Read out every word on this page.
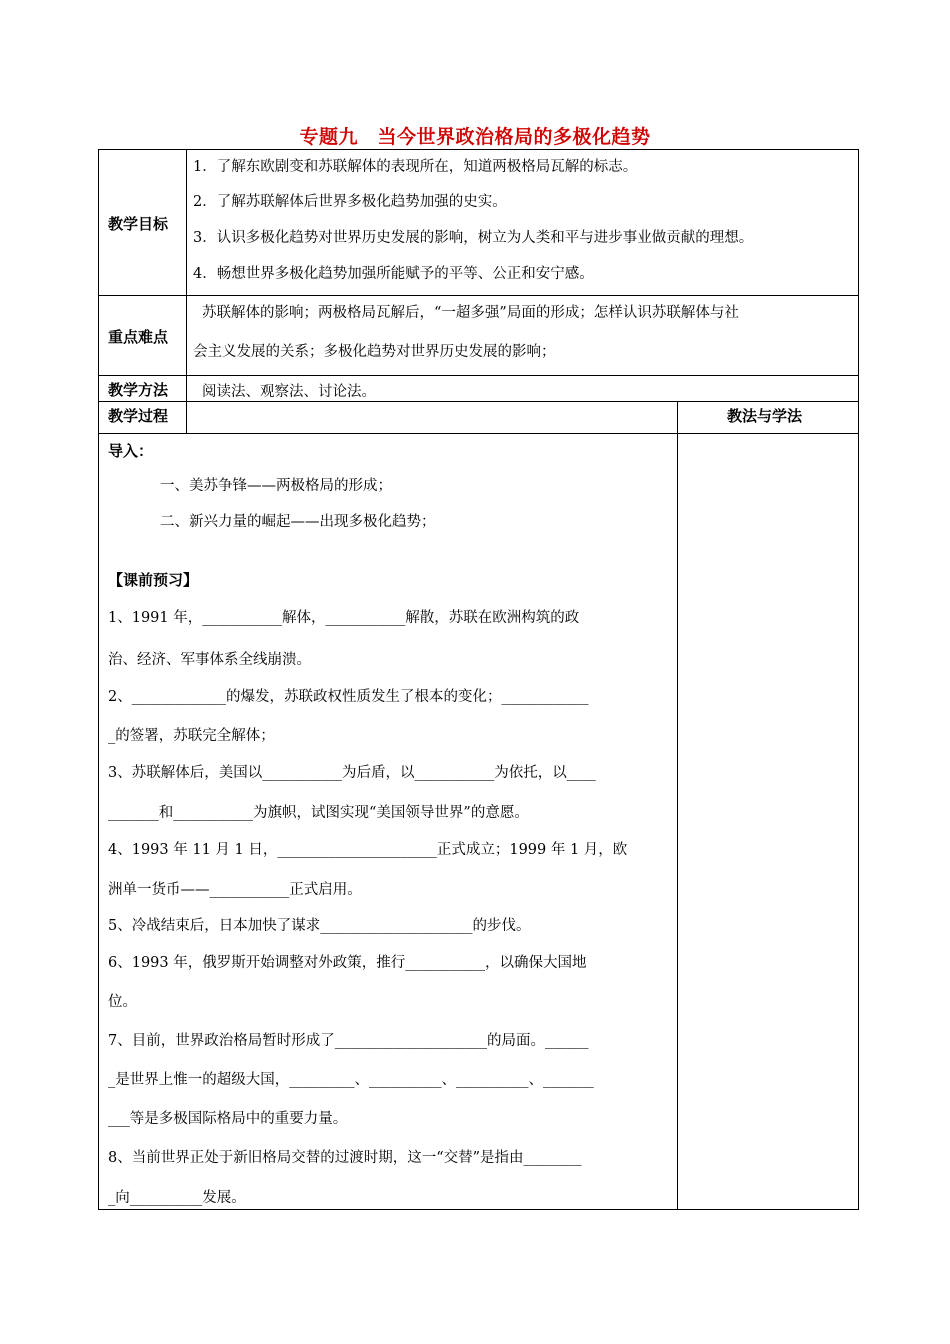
专题九　当今世界政治格局的多极化趋势
教学目标
1．了解东欧剧变和苏联解体的表现所在，知道两极格局瓦解的标志。
2．了解苏联解体后世界多极化趋势加强的史实。
3．认识多极化趋势对世界历史发展的影响，树立为人类和平与进步事业做贡献的理想。
4．畅想世界多极化趋势加强所能赋予的平等、公正和安宁感。
重点难点
苏联解体的影响；两极格局瓦解后，“一超多强”局面的形成；怎样认识苏联解体与社
会主义发展的关系；多极化趋势对世界历史发展的影响；
教学方法 阅读法、观察法、讨论法。
教学过程	教法与学法
导入：
一、美苏争锋——两极格局的形成；
二、新兴力量的崛起——出现多极化趋势；
【课前预习】
1、1991 年，___________解体，___________解散，苏联在欧洲构筑的政
治、经济、军事体系全线崩溃。
2、_____________的爆发，苏联政权性质发生了根本的变化；____________
_的签署，苏联完全解体；
3、苏联解体后，美国以___________为后盾，以___________为依托，以____
_______和___________为旗帜，试图实现“美国领导世界”的意愿。
4、1993 年 11 月 1 日，______________________正式成立；1999 年 1 月，欧
洲单一货币——___________正式启用。
5、冷战结束后，日本加快了谋求_____________________的步伐。
6、1993 年，俄罗斯开始调整对外政策，推行___________，以确保大国地
位。
7、目前，世界政治格局暂时形成了_____________________的局面。______
_是世界上惟一的超级大国，_________、__________、__________、_______
___等是多极国际格局中的重要力量。
8、当前世界正处于新旧格局交替的过渡时期，这一“交替”是指由________
_向__________发展。
